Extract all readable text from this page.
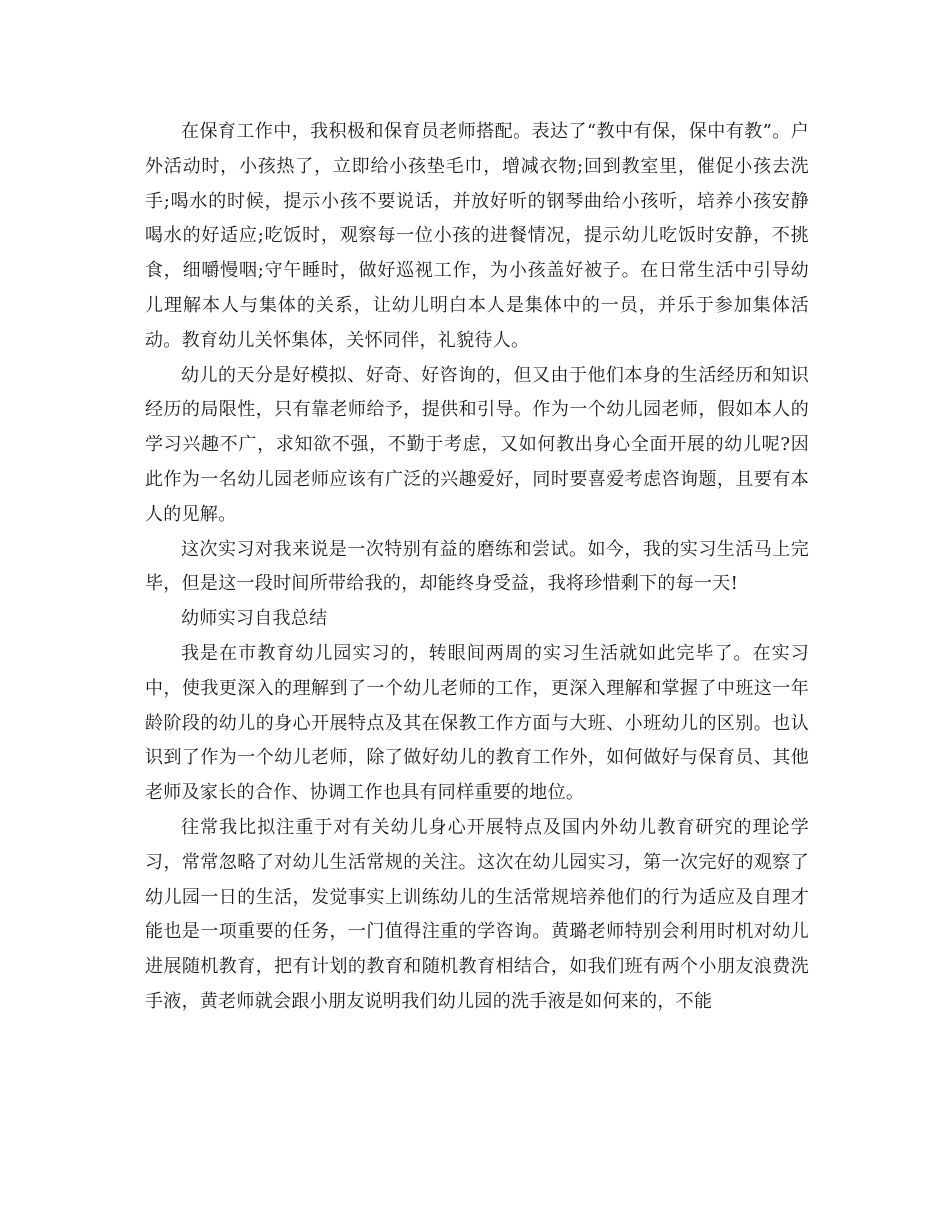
在保育工作中，我积极和保育员老师搭配。表达了“教中有保，保中有教”。户外活动时，小孩热了，立即给小孩垫毛巾，增减衣物;回到教室里，催促小孩去洗手;喝水的时候，提示小孩不要说话，并放好听的钢琴曲给小孩听，培养小孩安静喝水的好适应;吃饭时，观察每一位小孩的进餐情况，提示幼儿吃饭时安静，不挑食，细嚼慢咽;守午睡时，做好巡视工作，为小孩盖好被子。在日常生活中引导幼儿理解本人与集体的关系，让幼儿明白本人是集体中的一员，并乐于参加集体活动。教育幼儿关怀集体，关怀同伴，礼貌待人。

幼儿的天分是好模拟、好奇、好咨询的，但又由于他们本身的生活经历和知识经历的局限性，只有靠老师给予，提供和引导。作为一个幼儿园老师，假如本人的学习兴趣不广，求知欲不强，不勤于考虑，又如何教出身心全面开展的幼儿呢?因此作为一名幼儿园老师应该有广泛的兴趣爱好，同时要喜爱考虑咨询题，且要有本人的见解。

这次实习对我来说是一次特别有益的磨练和尝试。如今，我的实习生活马上完毕，但是这一段时间所带给我的，却能终身受益，我将珍惜剩下的每一天!

幼师实习自我总结

我是在市教育幼儿园实习的，转眼间两周的实习生活就如此完毕了。在实习中，使我更深入的理解到了一个幼儿老师的工作，更深入理解和掌握了中班这一年龄阶段的幼儿的身心开展特点及其在保教工作方面与大班、小班幼儿的区别。也认识到了作为一个幼儿老师，除了做好幼儿的教育工作外，如何做好与保育员、其他老师及家长的合作、协调工作也具有同样重要的地位。

往常我比拟注重于对有关幼儿身心开展特点及国内外幼儿教育研究的理论学习，常常忽略了对幼儿生活常规的关注。这次在幼儿园实习，第一次完好的观察了幼儿园一日的生活，发觉事实上训练幼儿的生活常规培养他们的行为适应及自理才能也是一项重要的任务，一门值得注重的学咨询。黄璐老师特别会利用时机对幼儿进展随机教育，把有计划的教育和随机教育相结合，如我们班有两个小朋友浪费洗手液，黄老师就会跟小朋友说明我们幼儿园的洗手液是如何来的，不能
